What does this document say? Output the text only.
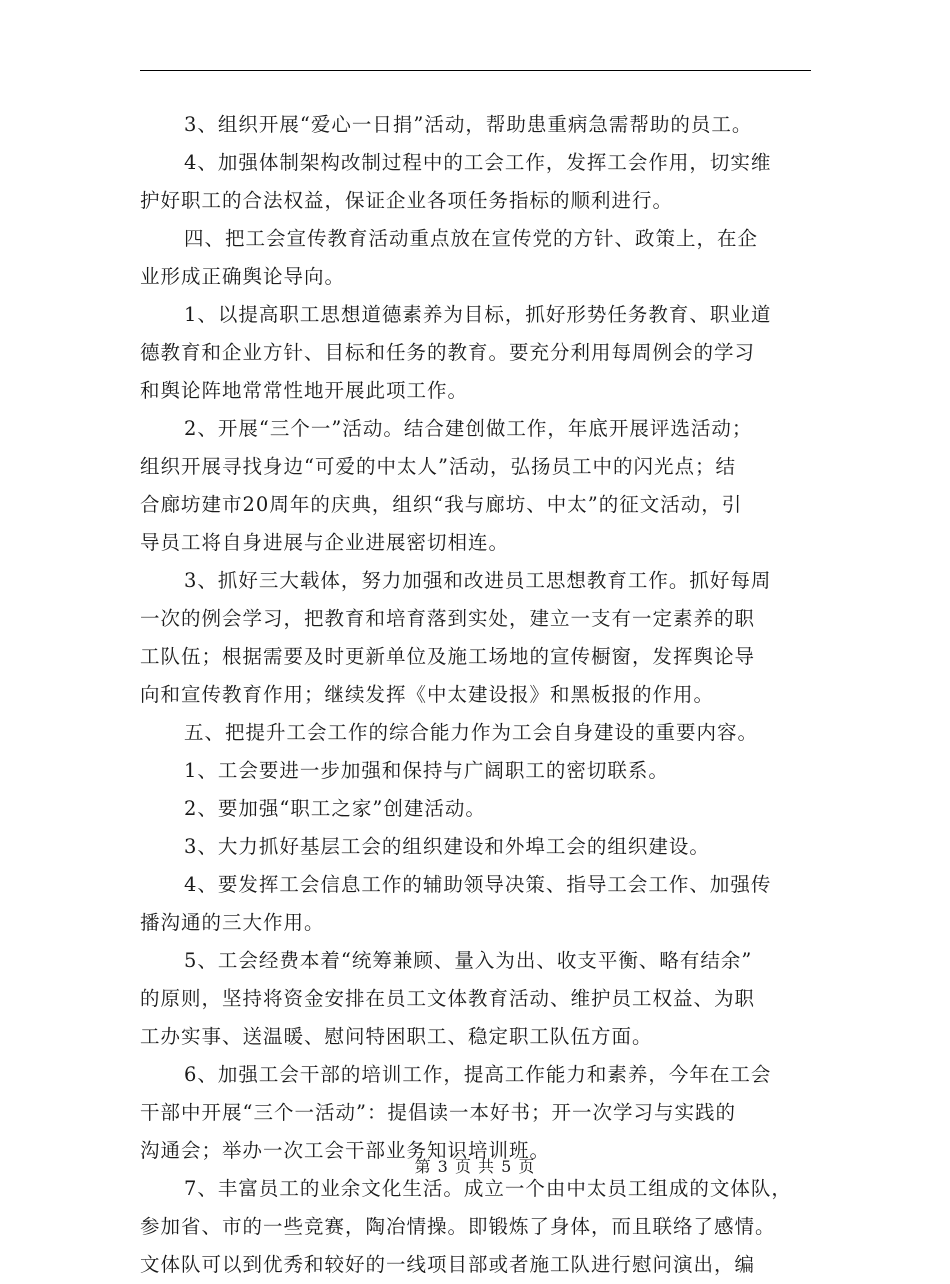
3、组织开展“爱心一日捐”活动，帮助患重病急需帮助的员工。
4、加强体制架构改制过程中的工会工作，发挥工会作用，切实维
护好职工的合法权益，保证企业各项任务指标的顺利进行。
四、把工会宣传教育活动重点放在宣传党的方针、政策上，在企
业形成正确舆论导向。
1、以提高职工思想道德素养为目标，抓好形势任务教育、职业道
德教育和企业方针、目标和任务的教育。要充分利用每周例会的学习
和舆论阵地常常性地开展此项工作。
2、开展“三个一”活动。结合建创做工作，年底开展评选活动；
组织开展寻找身边“可爱的中太人”活动，弘扬员工中的闪光点；结
合廊坊建市20周年的庆典，组织“我与廊坊、中太”的征文活动，引
导员工将自身进展与企业进展密切相连。
3、抓好三大载体，努力加强和改进员工思想教育工作。抓好每周
一次的例会学习，把教育和培育落到实处，建立一支有一定素养的职
工队伍；根据需要及时更新单位及施工场地的宣传橱窗，发挥舆论导
向和宣传教育作用；继续发挥《中太建设报》和黑板报的作用。
五、把提升工会工作的综合能力作为工会自身建设的重要内容。
1、工会要进一步加强和保持与广阔职工的密切联系。
2、要加强“职工之家”创建活动。
3、大力抓好基层工会的组织建设和外埠工会的组织建设。
4、要发挥工会信息工作的辅助领导决策、指导工会工作、加强传
播沟通的三大作用。
5、工会经费本着“统筹兼顾、量入为出、收支平衡、略有结余”
的原则，坚持将资金安排在员工文体教育活动、维护员工权益、为职
工办实事、送温暖、慰问特困职工、稳定职工队伍方面。
6、加强工会干部的培训工作，提高工作能力和素养，今年在工会
干部中开展“三个一活动”：提倡读一本好书；开一次学习与实践的
沟通会；举办一次工会干部业务知识培训班。
7、丰富员工的业余文化生活。成立一个由中太员工组成的文体队，
参加省、市的一些竞赛，陶冶情操。即锻炼了身体，而且联络了感情。
文体队可以到优秀和较好的一线项目部或者施工队进行慰问演出，编
第 3 页 共 5 页
